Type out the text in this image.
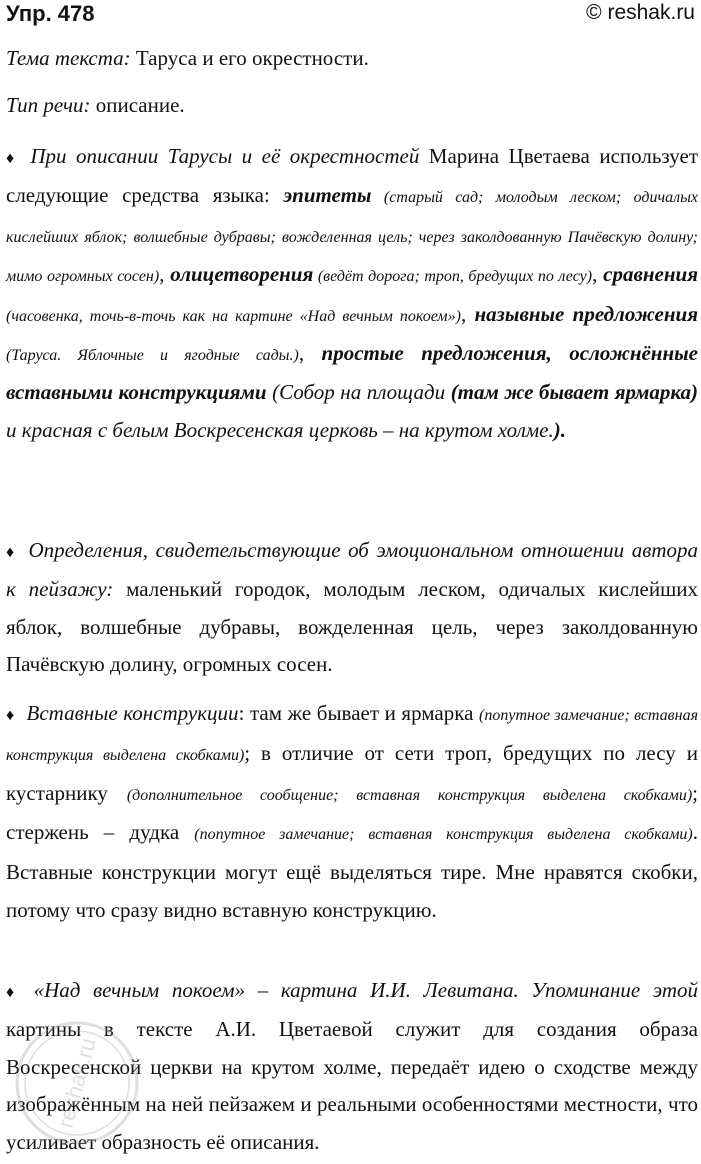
Упр. 478	© reshak.ru
Тема текста: Таруса и его окрестности.
Тип речи: описание.
♦ При описании Тарусы и её окрестностей Марина Цветаева использует следующие средства языка: эпитеты (старый сад; молодым леском; одичалых кислейших яблок; волшебные дубравы; вожделенная цель; через заколдованную Пачёвскую долину; мимо огромных сосен), олицетворения (ведёт дорога; троп, бредущих по лесу), сравнения (часовенка, точь-в-точь как на картине «Над вечным покоем»), назывные предложения (Таруса. Яблочные и ягодные сады.), простые предложения, осложнённые вставными конструкциями (Собор на площади (там же бывает ярмарка) и красная с белым Воскресенская церковь – на крутом холме.).
♦ Определения, свидетельствующие об эмоциональном отношении автора к пейзажу: маленький городок, молодым леском, одичалых кислейших яблок, волшебные дубравы, вожделенная цель, через заколдованную Пачёвскую долину, огромных сосен.
♦ Вставные конструкции: там же бывает и ярмарка (попутное замечание; вставная конструкция выделена скобками); в отличие от сети троп, бредущих по лесу и кустарнику (дополнительное сообщение; вставная конструкция выделена скобками); стержень – дудка (попутное замечание; вставная конструкция выделена скобками). Вставные конструкции могут ещё выделяться тире. Мне нравятся скобки, потому что сразу видно вставную конструкцию.
♦ «Над вечным покоем» – картина И.И. Левитана. Упоминание этой картины в тексте А.И. Цветаевой служит для создания образа Воскресенской церкви на крутом холме, передаёт идею о сходстве между изображённым на ней пейзажем и реальными особенностями местности, что усиливает образность её описания.
reshak.ru
